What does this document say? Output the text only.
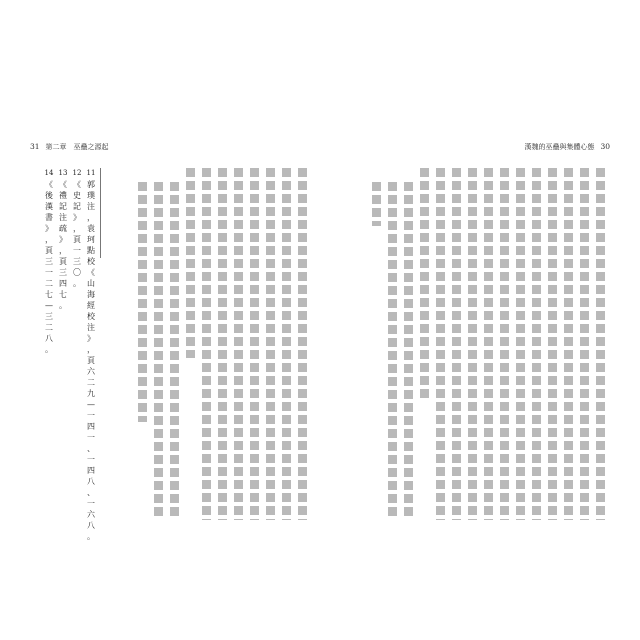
31 第二章　巫蠱之源起
11
郭
璞
注
，
袁
珂
點
校
《
山
海
經
校
注
》
，
頁
六
二
九
—
一
四
一
、
一
四
八
、
一
六
八
。
12
《
史
記
》
，
頁
一
三
〇
。
13
《
禮
記
注
疏
》
，
頁
三
四
七
。
14
《
後
漢
書
》
，
頁
三
一
二
七
—
三
二
八
。
漢魏的巫蠱與集體心態 30
